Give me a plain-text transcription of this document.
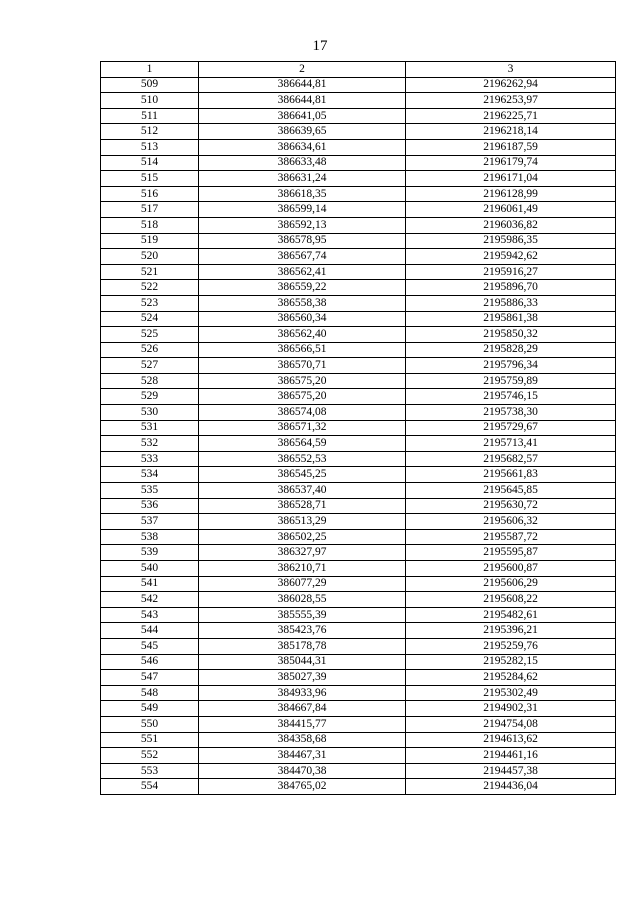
17
1	2	3
509	386644,81	2196262,94
510	386644,81	2196253,97
511	386641,05	2196225,71
512	386639,65	2196218,14
513	386634,61	2196187,59
514	386633,48	2196179,74
515	386631,24	2196171,04
516	386618,35	2196128,99
517	386599,14	2196061,49
518	386592,13	2196036,82
519	386578,95	2195986,35
520	386567,74	2195942,62
521	386562,41	2195916,27
522	386559,22	2195896,70
523	386558,38	2195886,33
524	386560,34	2195861,38
525	386562,40	2195850,32
526	386566,51	2195828,29
527	386570,71	2195796,34
528	386575,20	2195759,89
529	386575,20	2195746,15
530	386574,08	2195738,30
531	386571,32	2195729,67
532	386564,59	2195713,41
533	386552,53	2195682,57
534	386545,25	2195661,83
535	386537,40	2195645,85
536	386528,71	2195630,72
537	386513,29	2195606,32
538	386502,25	2195587,72
539	386327,97	2195595,87
540	386210,71	2195600,87
541	386077,29	2195606,29
542	386028,55	2195608,22
543	385555,39	2195482,61
544	385423,76	2195396,21
545	385178,78	2195259,76
546	385044,31	2195282,15
547	385027,39	2195284,62
548	384933,96	2195302,49
549	384667,84	2194902,31
550	384415,77	2194754,08
551	384358,68	2194613,62
552	384467,31	2194461,16
553	384470,38	2194457,38
554	384765,02	2194436,04
